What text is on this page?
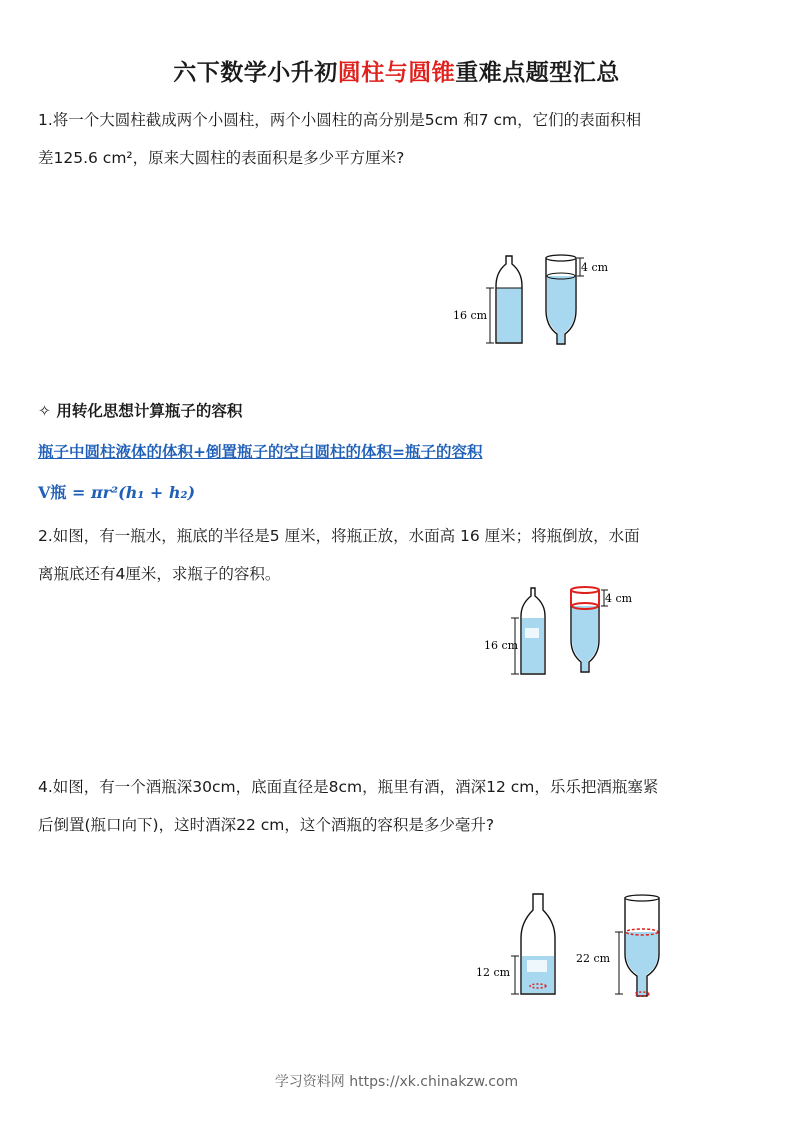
六下数学小升初圆柱与圆锥重难点题型汇总
1.将一个大圆柱截成两个小圆柱，两个小圆柱的高分别是5cm 和7 cm，它们的表面积相
差125.6 cm²，原来大圆柱的表面积是多少平方厘米?
16 cm
4 cm
✧ 用转化思想计算瓶子的容积
瓶子中圆柱液体的体积+倒置瓶子的空白圆柱的体积=瓶子的容积
V瓶 = πr²(h₁ + h₂)
2.如图，有一瓶水，瓶底的半径是5 厘米，将瓶正放，水面高 16 厘米；将瓶倒放，水面
离瓶底还有4厘米，求瓶子的容积。
16 cm
4 cm
4.如图，有一个酒瓶深30cm，底面直径是8cm，瓶里有酒，酒深12 cm，乐乐把酒瓶塞紧
后倒置(瓶口向下)，这时酒深22 cm，这个酒瓶的容积是多少毫升?
12 cm
22 cm
学习资料网 https://xk.chinakzw.com
